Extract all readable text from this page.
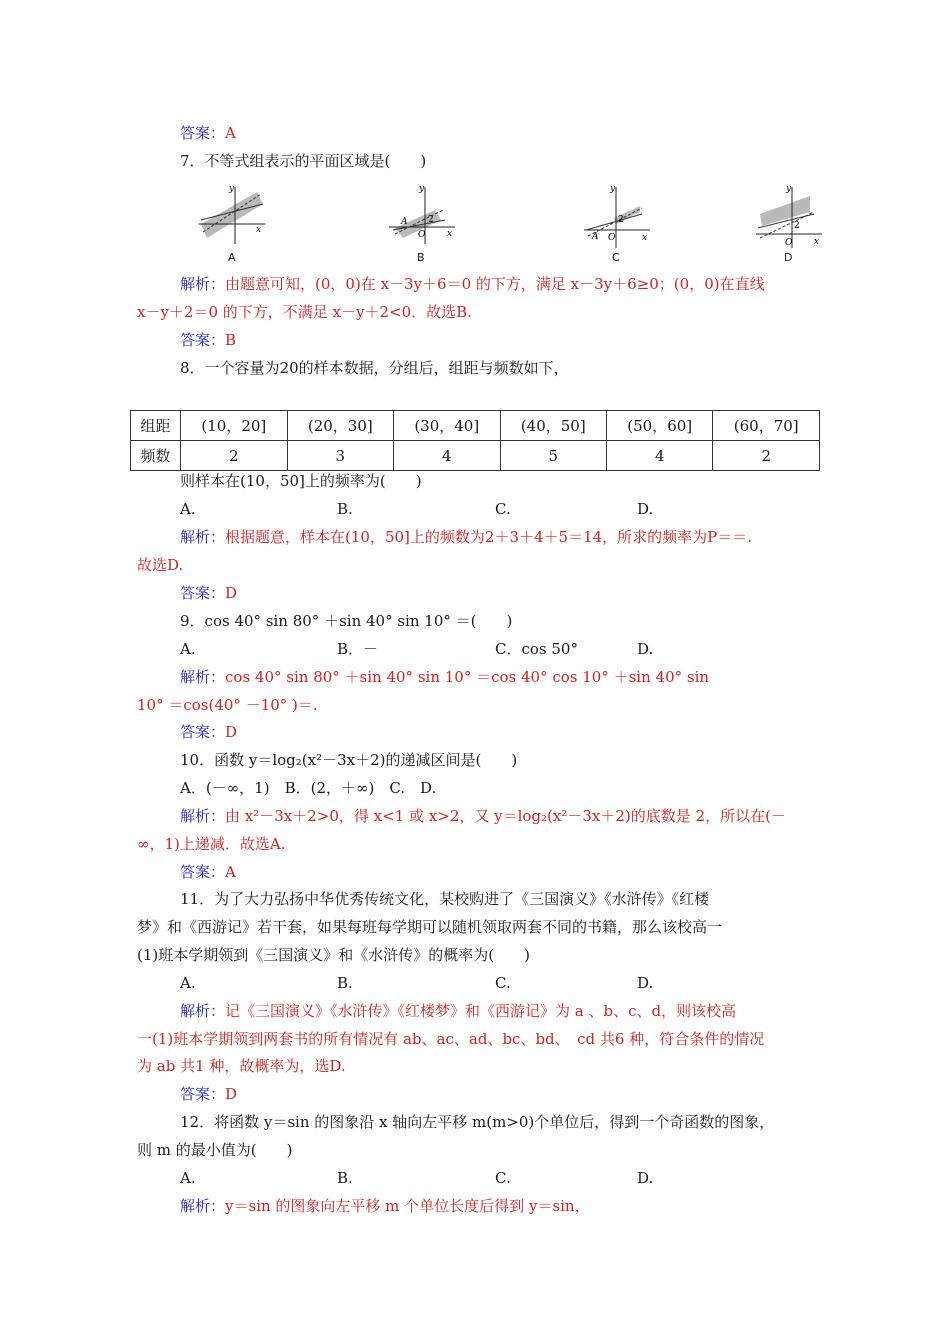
答案：A
7．不等式组表示的平面区域是(　　)
y
x
A
y
x
A
O
2
B
y
x
A O
2
C
y
x
O
2
D
解析：由题意可知，(0，0)在 x－3y＋6＝0 的下方，满足 x－3y＋6≥0；(0，0)在直线
x－y＋2＝0 的下方，不满足 x－y＋2<0．故选B.
答案：B
8．一个容量为20的样本数据，分组后，组距与频数如下，
组距	(10，20]	(20，30]	(30，40]	(40，50]	(50，60]	(60，70]
频数	2	3	4	5	4	2
则样本在(10，50]上的频率为(　　)
A.	B.	C.	D.
解析：根据题意，样本在(10，50]上的频数为2＋3＋4＋5＝14，所求的频率为P＝＝.
故选D.
答案：D
9．cos 40° sin 80° ＋sin 40° sin 10° ＝(　　)
A.	B．－	C．cos 50°	D.
解析：cos 40° sin 80° ＋sin 40° sin 10° ＝cos 40° cos 10° ＋sin 40° sin
10° ＝cos(40° －10° )＝.
答案：D
10．函数 y＝log₂(x²－3x＋2)的递减区间是(　　)
A．(－∞，1)　B．(2，＋∞)　C.　D.
解析：由 x²－3x＋2>0，得 x<1 或 x>2，又 y＝log₂(x²－3x＋2)的底数是 2，所以在(－
∞，1)上递减．故选A.
答案：A
11．为了大力弘扬中华优秀传统文化，某校购进了《三国演义》《水浒传》《红楼
梦》和《西游记》若干套，如果每班每学期可以随机领取两套不同的书籍，那么该校高一
(1)班本学期领到《三国演义》和《水浒传》的概率为(　　)
A.	B.	C.	D.
解析：记《三国演义》《水浒传》《红楼梦》和《西游记》为 a 、b、c、d，则该校高
一(1)班本学期领到两套书的所有情况有 ab、ac、ad、bc、bd、　cd 共6 种，符合条件的情况
为 ab 共1 种，故概率为，选D.
答案：D
12．将函数 y＝sin 的图象沿 x 轴向左平移 m(m>0)个单位后，得到一个奇函数的图象，
则 m 的最小值为(　　)
A.	B.	C.	D.
解析：y＝sin 的图象向左平移 m 个单位长度后得到 y＝sin，
